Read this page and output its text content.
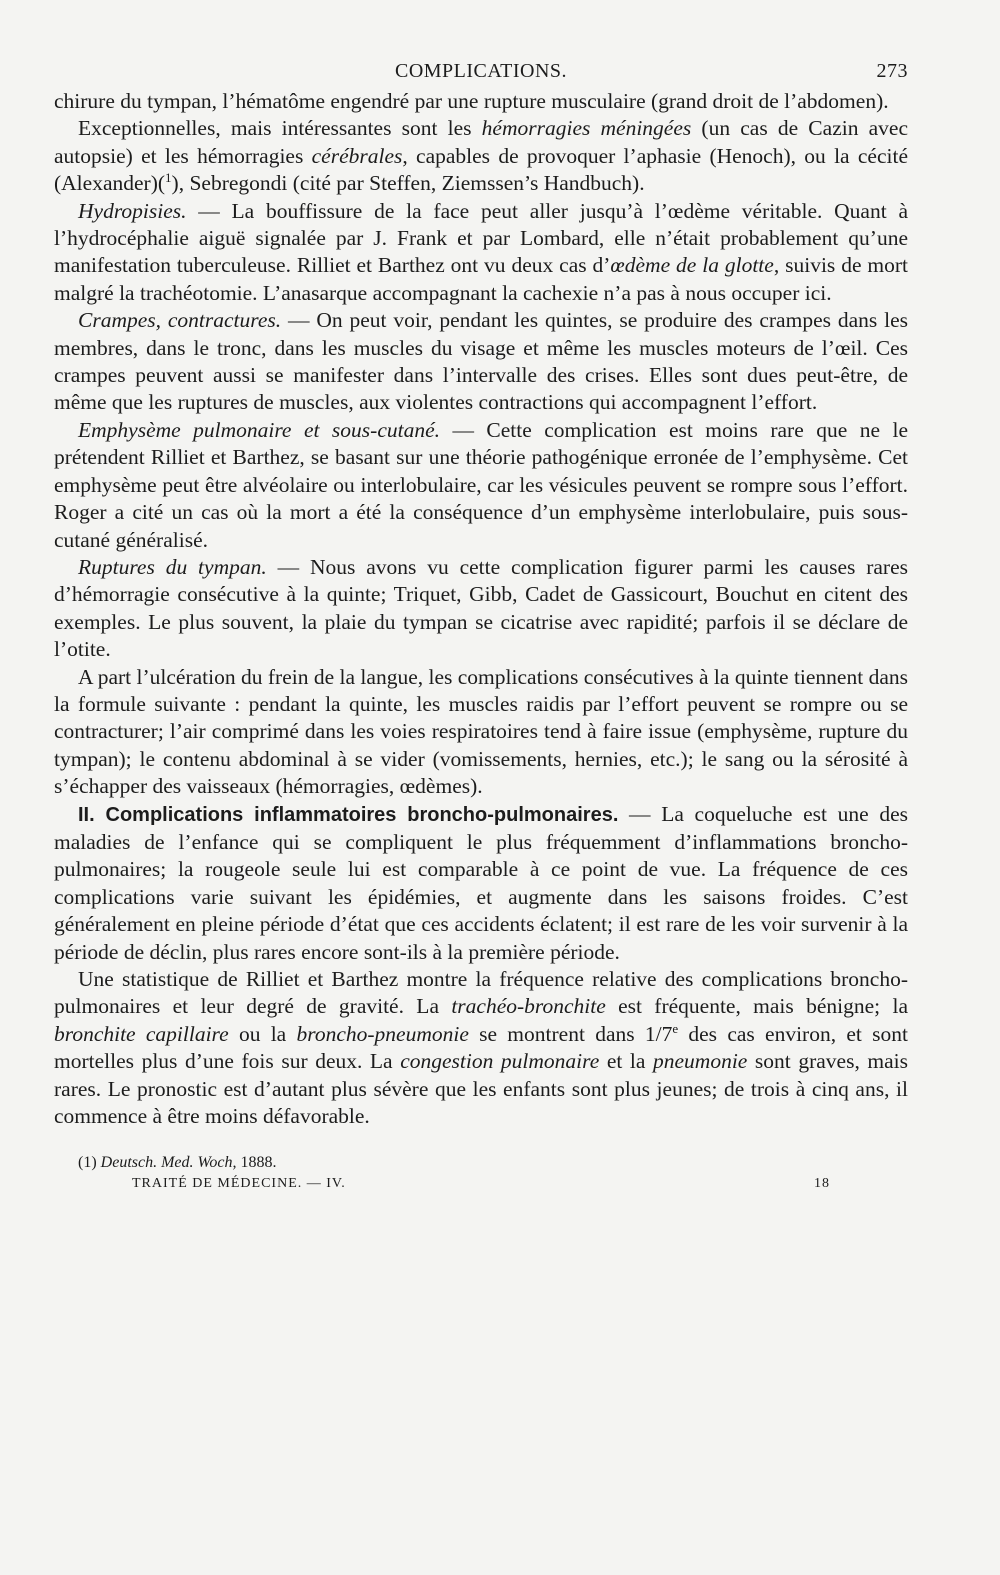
COMPLICATIONS.	273

chirure du tympan, l’hématôme engendré par une rupture musculaire (grand droit de l’abdomen).

Exceptionnelles, mais intéressantes sont les hémorragies méningées (un cas de Cazin avec autopsie) et les hémorragies cérébrales, capables de provoquer l’aphasie (Henoch), ou la cécité (Alexander)($^1$), Sebregondi (cité par Steffen, Ziemssen’s Handbuch).

Hydropisies. — La bouffissure de la face peut aller jusqu’à l’œdème véritable. Quant à l’hydrocéphalie aiguë signalée par J. Frank et par Lombard, elle n’était probablement qu’une manifestation tuberculeuse. Rilliet et Barthez ont vu deux cas d’œdème de la glotte, suivis de mort malgré la trachéotomie. L’anasarque accompagnant la cachexie n’a pas à nous occuper ici.

Crampes, contractures. — On peut voir, pendant les quintes, se produire des crampes dans les membres, dans le tronc, dans les muscles du visage et même les muscles moteurs de l’œil. Ces crampes peuvent aussi se manifester dans l’intervalle des crises. Elles sont dues peut-être, de même que les ruptures de muscles, aux violentes contractions qui accompagnent l’effort.

Emphysème pulmonaire et sous-cutané. — Cette complication est moins rare que ne le prétendent Rilliet et Barthez, se basant sur une théorie pathogénique erronée de l’emphysème. Cet emphysème peut être alvéolaire ou interlobulaire, car les vésicules peuvent se rompre sous l’effort. Roger a cité un cas où la mort a été la conséquence d’un emphysème interlobulaire, puis sous-cutané généralisé.

Ruptures du tympan. — Nous avons vu cette complication figurer parmi les causes rares d’hémorragie consécutive à la quinte; Triquet, Gibb, Cadet de Gassicourt, Bouchut en citent des exemples. Le plus souvent, la plaie du tympan se cicatrise avec rapidité; parfois il se déclare de l’otite.

A part l’ulcération du frein de la langue, les complications consécutives à la quinte tiennent dans la formule suivante : pendant la quinte, les muscles raidis par l’effort peuvent se rompre ou se contracturer; l’air comprimé dans les voies respiratoires tend à faire issue (emphysème, rupture du tympan); le contenu abdominal à se vider (vomissements, hernies, etc.); le sang ou la sérosité à s’échapper des vaisseaux (hémorragies, œdèmes).

II. Complications inflammatoires broncho-pulmonaires. — La coqueluche est une des maladies de l’enfance qui se compliquent le plus fréquemment d’inflammations broncho-pulmonaires; la rougeole seule lui est comparable à ce point de vue. La fréquence de ces complications varie suivant les épidémies, et augmente dans les saisons froides. C’est généralement en pleine période d’état que ces accidents éclatent; il est rare de les voir survenir à la période de déclin, plus rares encore sont-ils à la première période.

Une statistique de Rilliet et Barthez montre la fréquence relative des complications broncho-pulmonaires et leur degré de gravité. La trachéo-bronchite est fréquente, mais bénigne; la bronchite capillaire ou la broncho-pneumonie se montrent dans 1/7e des cas environ, et sont mortelles plus d’une fois sur deux. La congestion pulmonaire et la pneumonie sont graves, mais rares. Le pronostic est d’autant plus sévère que les enfants sont plus jeunes; de trois à cinq ans, il commence à être moins défavorable.

(1) Deutsch. Med. Woch, 1888.
TRAITÉ DE MÉDECINE. — IV.	18
